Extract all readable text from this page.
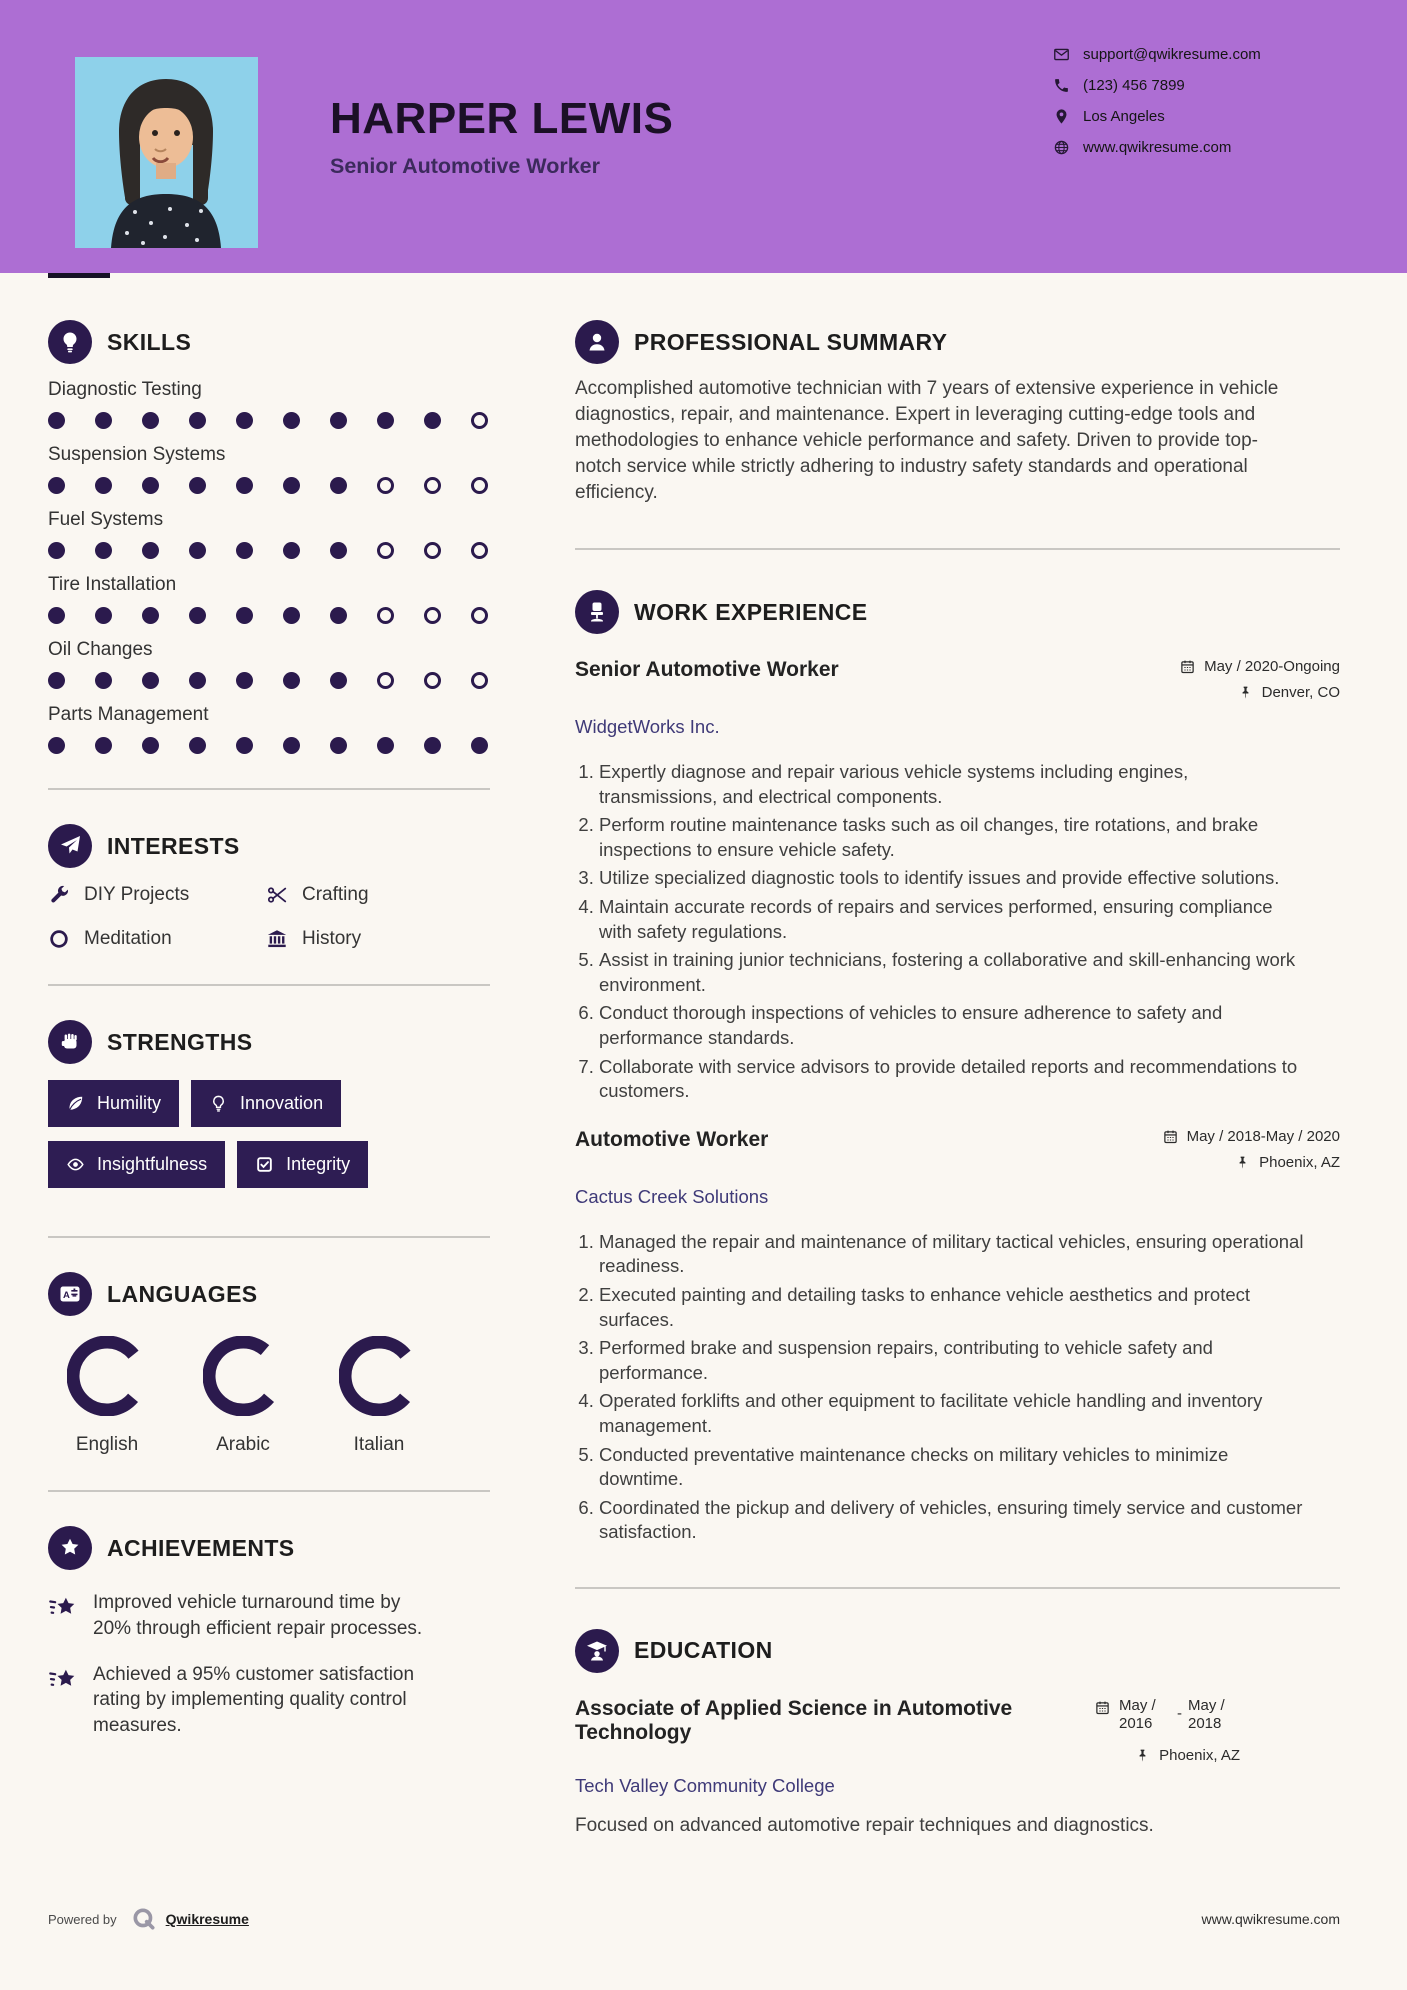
HARPER LEWIS
Senior Automotive Worker
support@qwikresume.com
(123) 456 7899
Los Angeles
www.qwikresume.com
SKILLS
Diagnostic Testing
Suspension Systems
Fuel Systems
Tire Installation
Oil Changes
Parts Management
INTERESTS
DIY Projects	Crafting
Meditation	History
STRENGTHS
Humility	Innovation
Insightfulness	Integrity
A LANGUAGES
English	Arabic	Italian
ACHIEVEMENTS

Improved vehicle turnaround time by 20% through efficient repair processes.

Achieved a 95% customer satisfaction rating by implementing quality control measures.

PROFESSIONAL SUMMARY

Accomplished automotive technician with 7 years of extensive experience in vehicle diagnostics, repair, and maintenance. Expert in leveraging cutting-edge tools and methodologies to enhance vehicle performance and safety. Driven to provide top-notch service while strictly adhering to industry safety standards and operational efficiency.

WORK EXPERIENCE
Senior Automotive Worker	May / 2020-Ongoing
Denver, CO
WidgetWorks Inc.
1. Expertly diagnose and repair various vehicle systems including engines, transmissions, and electrical components.
2. Perform routine maintenance tasks such as oil changes, tire rotations, and brake inspections to ensure vehicle safety.
3. Utilize specialized diagnostic tools to identify issues and provide effective solutions.
4. Maintain accurate records of repairs and services performed, ensuring compliance with safety regulations.
5. Assist in training junior technicians, fostering a collaborative and skill-enhancing work environment.
6. Conduct thorough inspections of vehicles to ensure adherence to safety and performance standards.
7. Collaborate with service advisors to provide detailed reports and recommendations to customers.
Automotive Worker	May / 2018-May / 2020
Phoenix, AZ
Cactus Creek Solutions
1. Managed the repair and maintenance of military tactical vehicles, ensuring operational readiness.
2. Executed painting and detailing tasks to enhance vehicle aesthetics and protect surfaces.
3. Performed brake and suspension repairs, contributing to vehicle safety and performance.
4. Operated forklifts and other equipment to facilitate vehicle handling and inventory management.
5. Conducted preventative maintenance checks on military vehicles to minimize downtime.
6. Coordinated the pickup and delivery of vehicles, ensuring timely service and customer satisfaction.
EDUCATION
Associate of Applied Science in Automotive Technology
May / 2016
- May / 2018
Phoenix, AZ
Tech Valley Community College

Focused on advanced automotive repair techniques and diagnostics.

Powered by	Qwikresume	www.qwikresume.com
